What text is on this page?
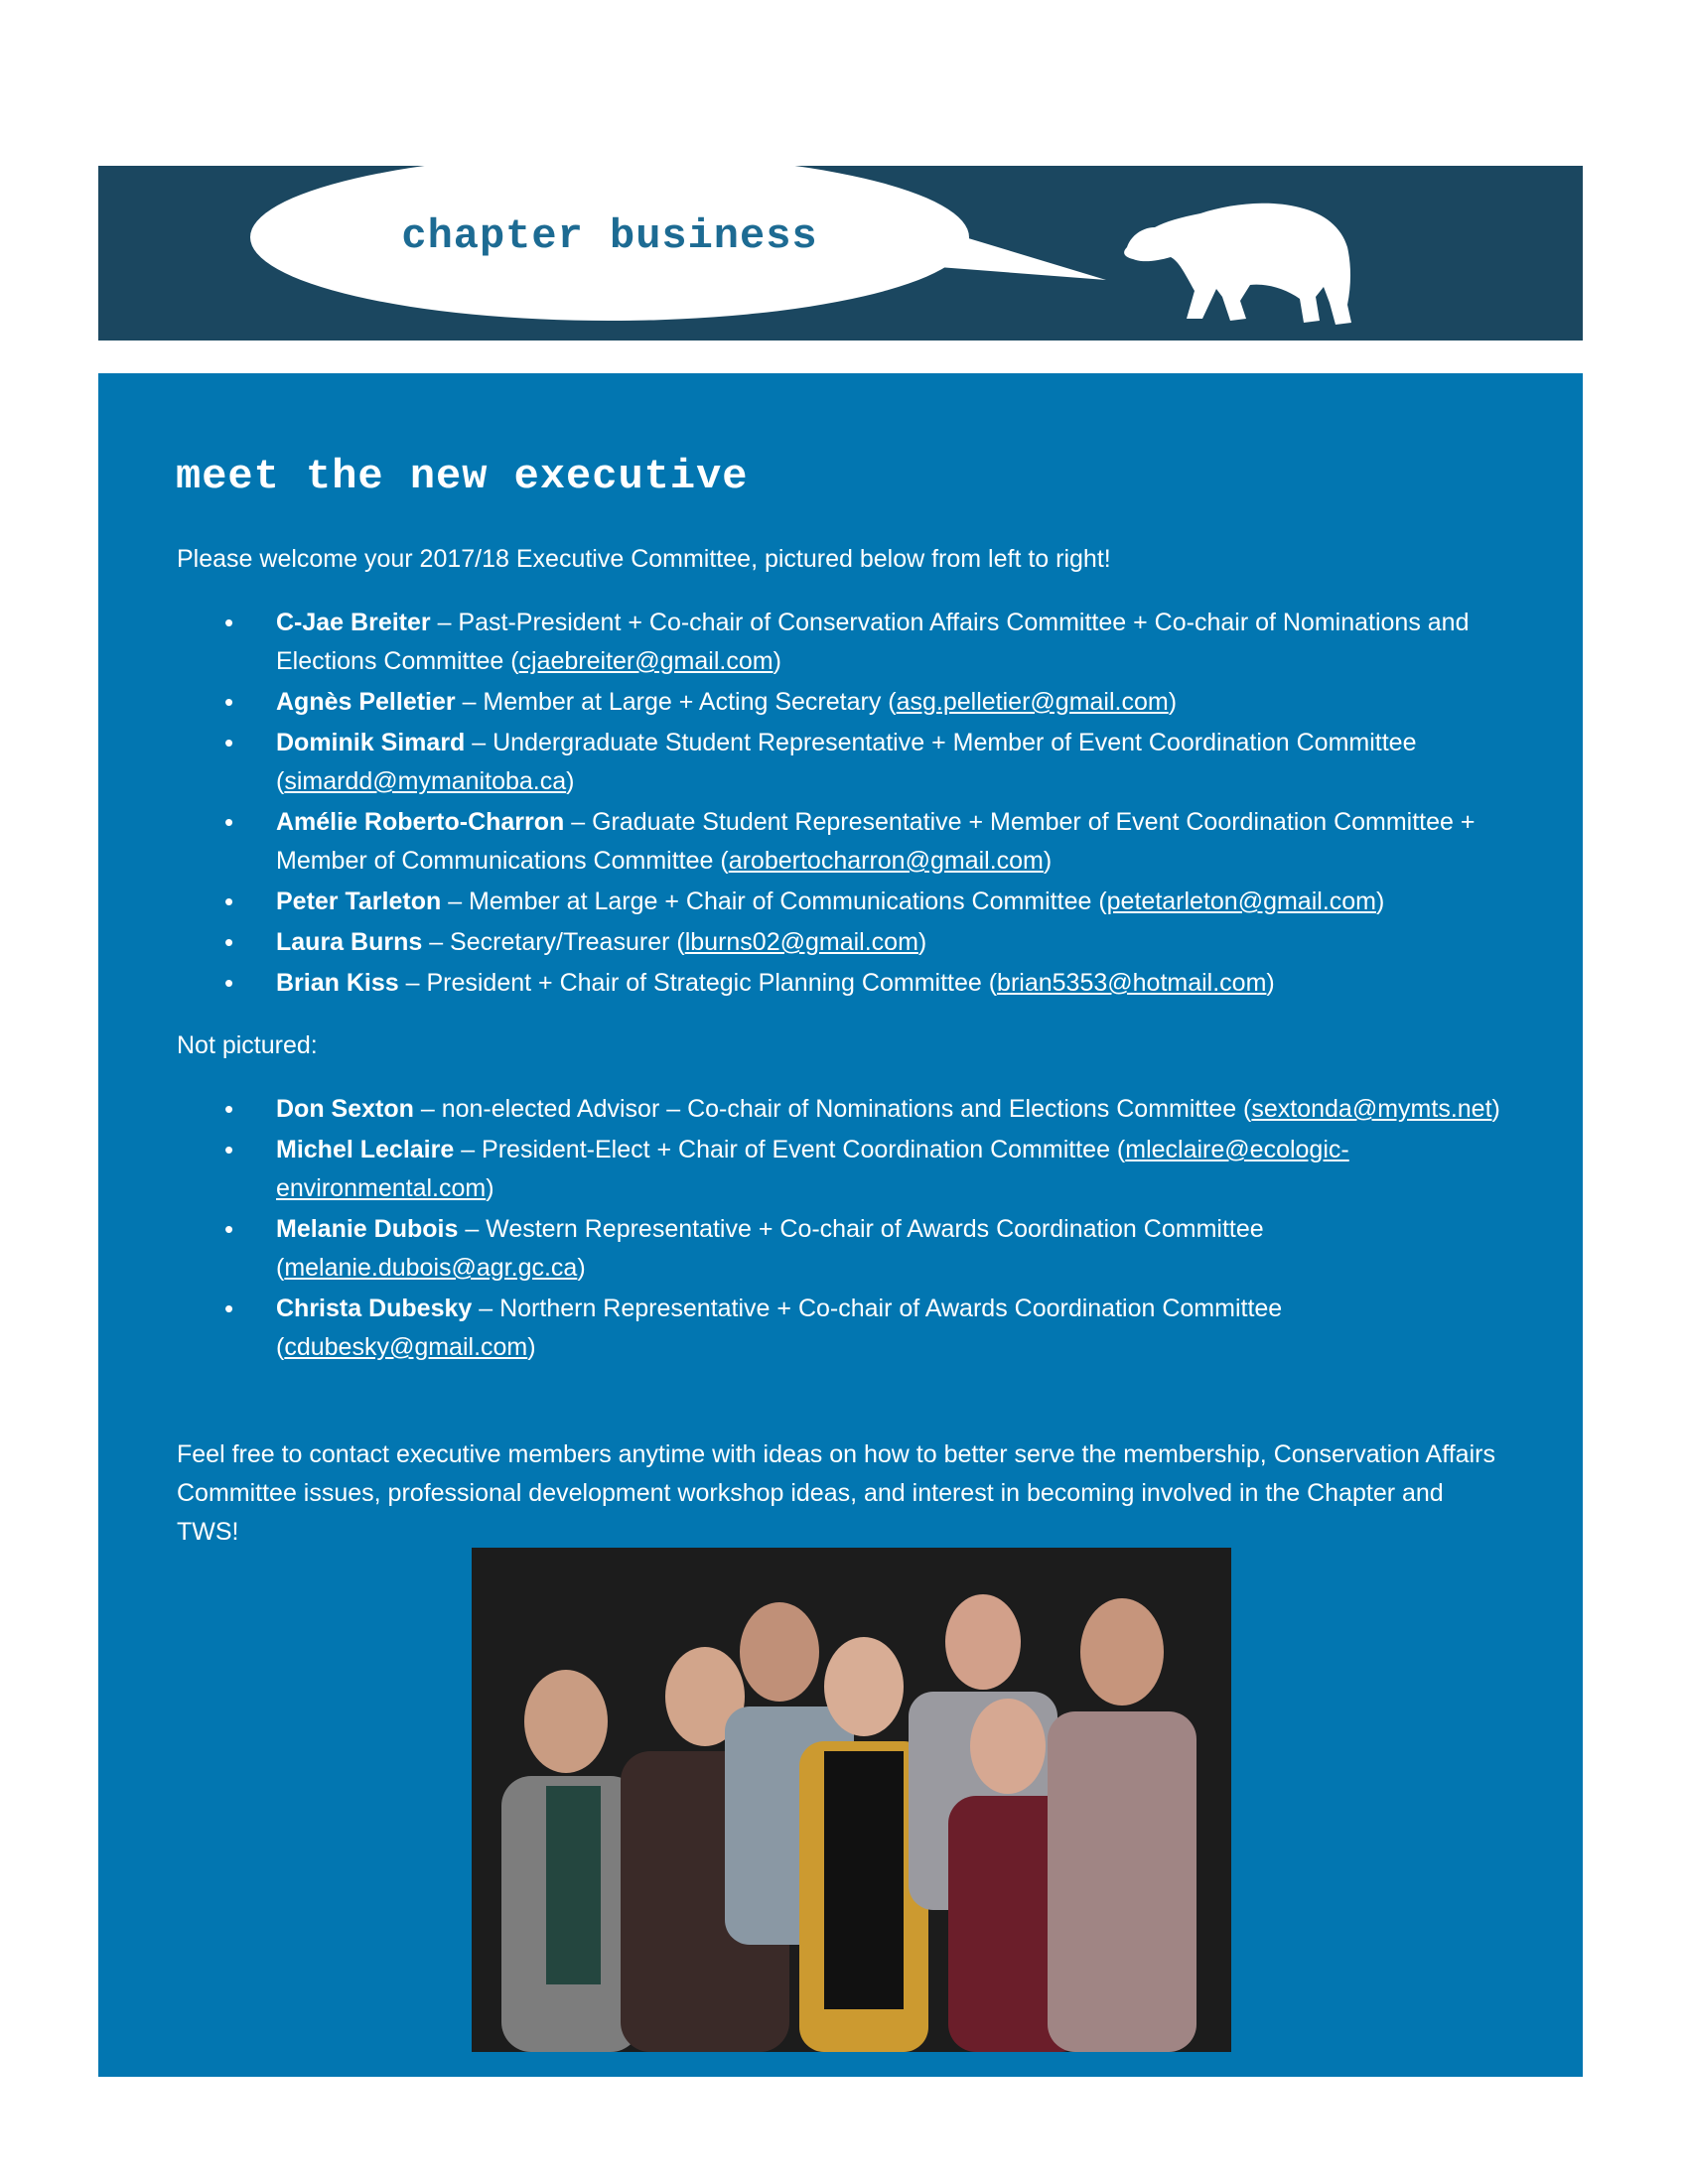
chapter business
meet the new executive
Please welcome your 2017/18 Executive Committee, pictured below from left to right!
• C-Jae Breiter – Past-President + Co-chair of Conservation Affairs Committee + Co-chair of Nominations and Elections Committee (cjaebreiter@gmail.com)
• Agnès Pelletier – Member at Large + Acting Secretary (asg.pelletier@gmail.com)
• Dominik Simard – Undergraduate Student Representative + Member of Event Coordination Committee (simardd@mymanitoba.ca)
• Amélie Roberto-Charron – Graduate Student Representative + Member of Event Coordination Committee + Member of Communications Committee (arobertocharron@gmail.com)
• Peter Tarleton – Member at Large + Chair of Communications Committee (petetarleton@gmail.com)
• Laura Burns – Secretary/Treasurer (lburns02@gmail.com)
• Brian Kiss – President + Chair of Strategic Planning Committee (brian5353@hotmail.com)
Not pictured:
• Don Sexton – non-elected Advisor – Co-chair of Nominations and Elections Committee (sextonda@mymts.net)
• Michel Leclaire – President-Elect + Chair of Event Coordination Committee (mleclaire@ecologic-environmental.com)
• Melanie Dubois – Western Representative + Co-chair of Awards Coordination Committee (melanie.dubois@agr.gc.ca)
• Christa Dubesky – Northern Representative + Co-chair of Awards Coordination Committee (cdubesky@gmail.com)
Feel free to contact executive members anytime with ideas on how to better serve the membership, Conservation Affairs Committee issues, professional development workshop ideas, and interest in becoming involved in the Chapter and TWS!
